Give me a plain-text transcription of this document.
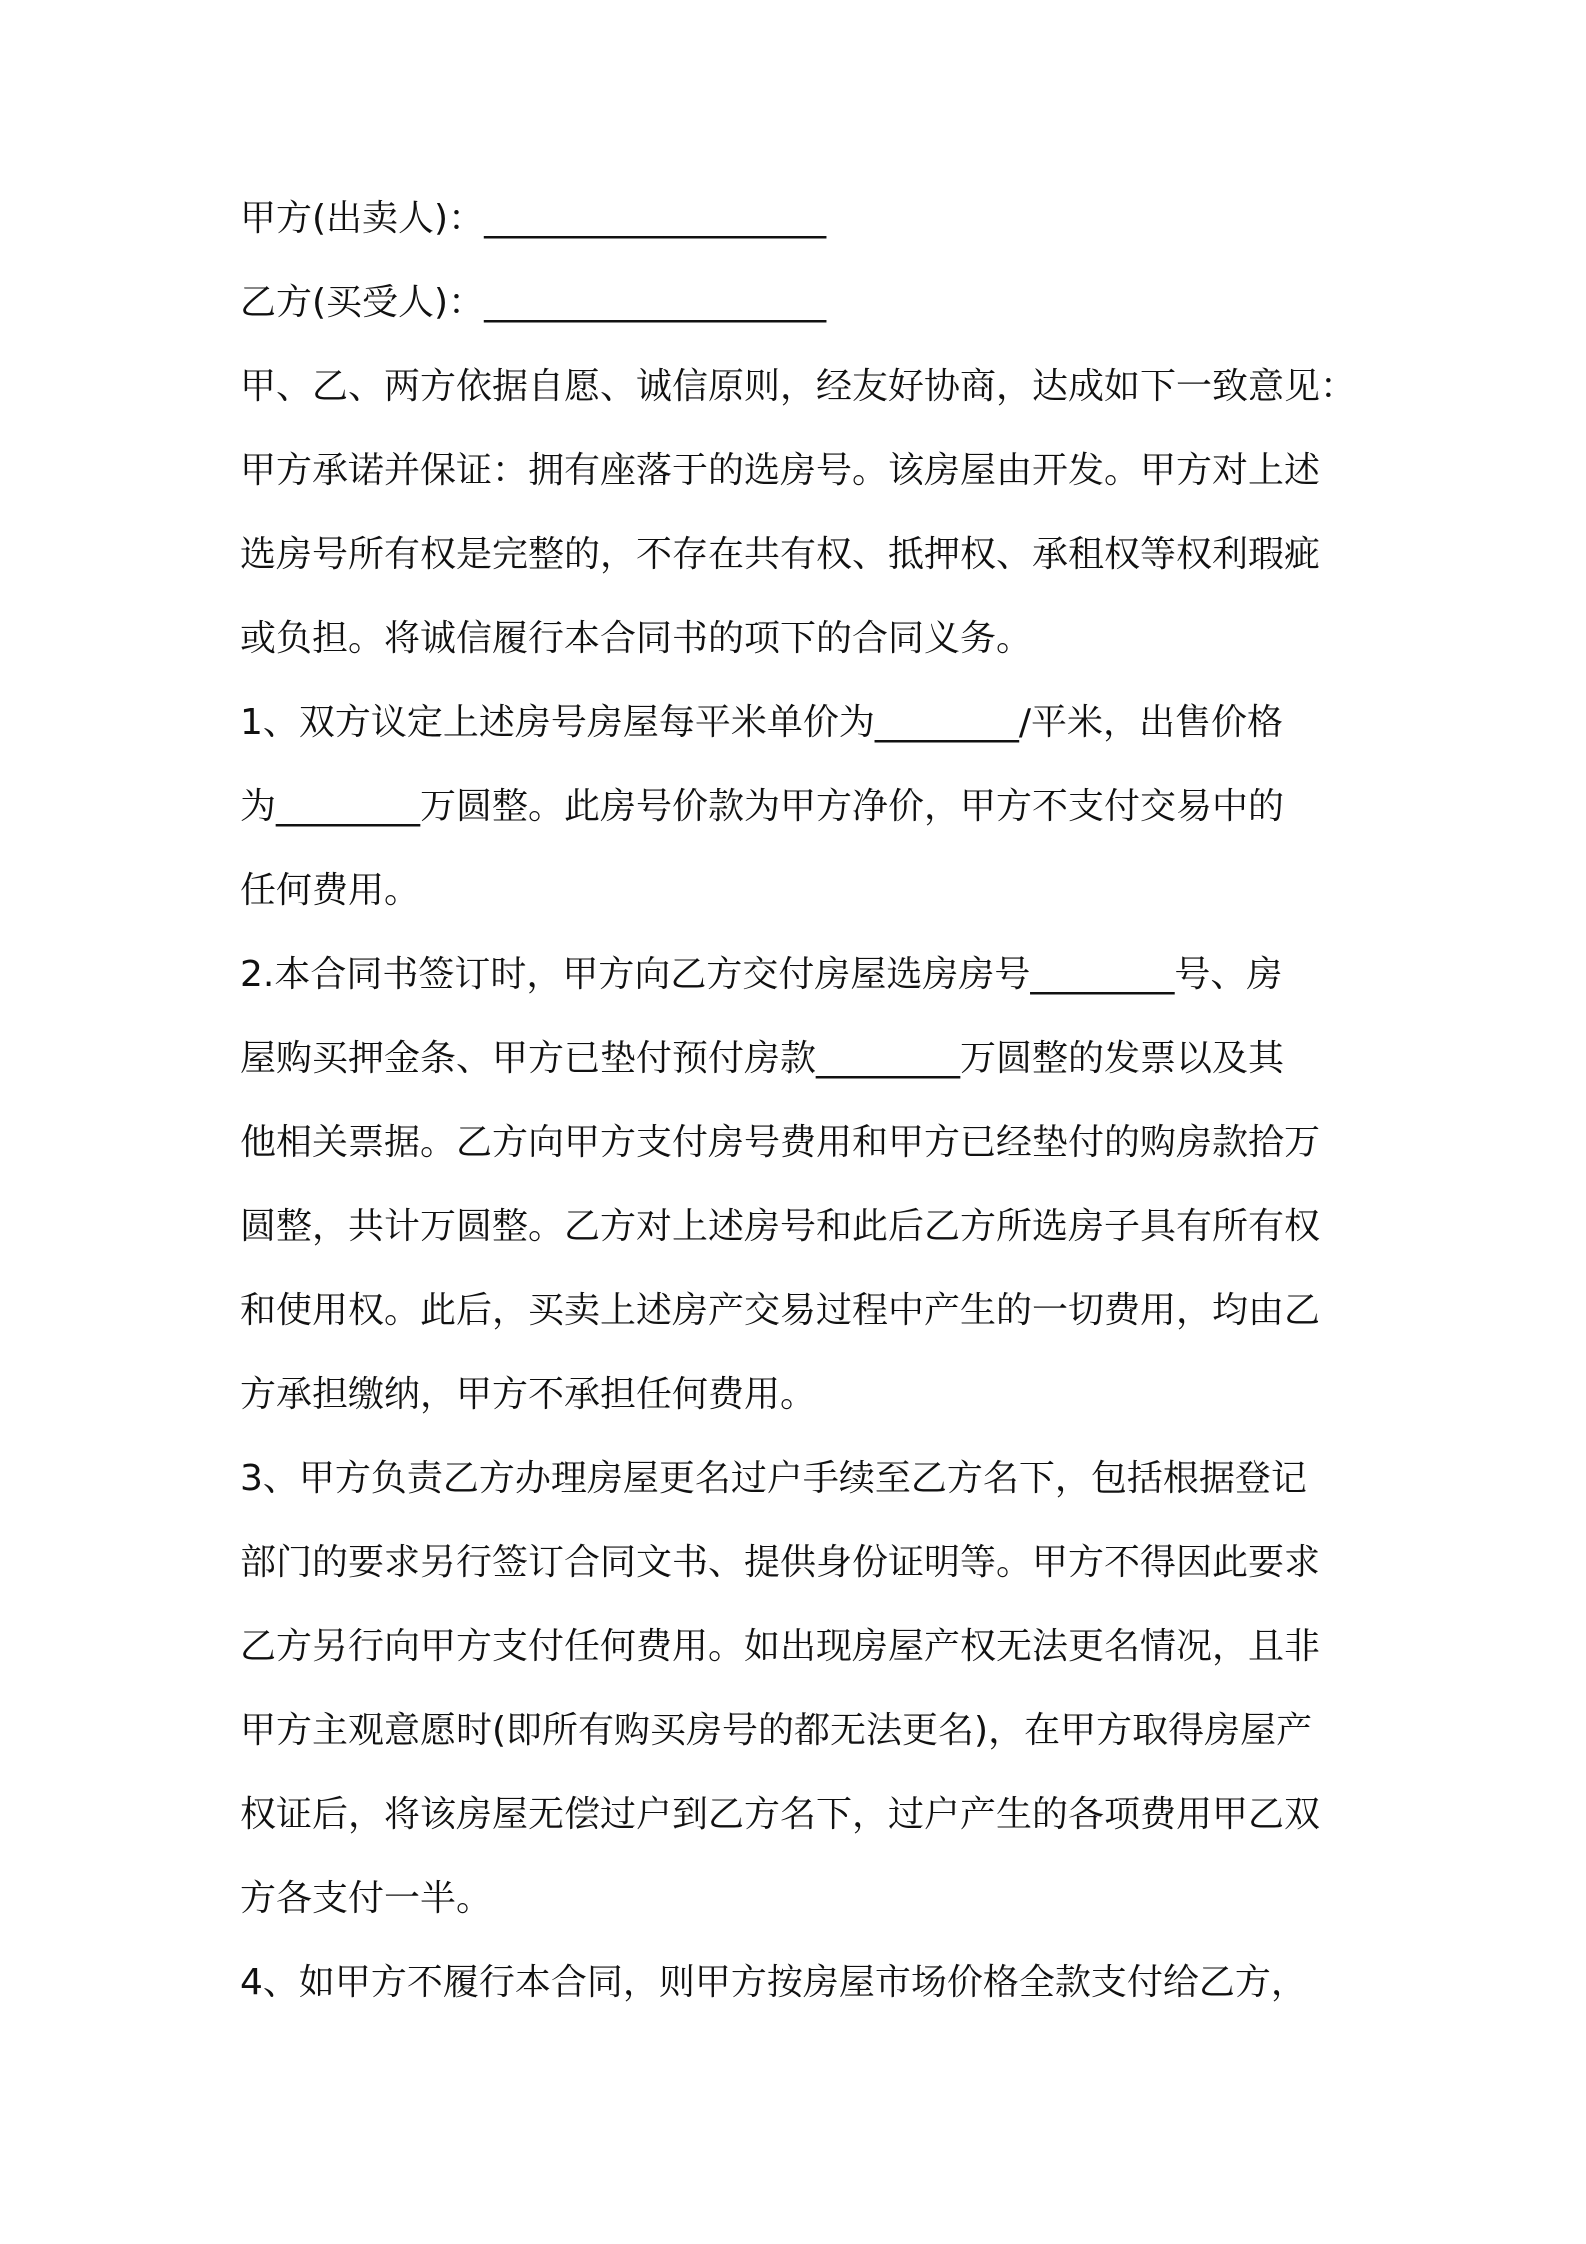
甲方(出卖人)：___________________

乙方(买受人)：___________________

甲、乙、两方依据自愿、诚信原则，经友好协商，达成如下一致意见：

甲方承诺并保证：拥有座落于的选房号。该房屋由开发。甲方对上述

选房号所有权是完整的，不存在共有权、抵押权、承租权等权利瑕疵

或负担。将诚信履行本合同书的项下的合同义务。

1、双方议定上述房号房屋每平米单价为________/平米，出售价格

为________万圆整。此房号价款为甲方净价，甲方不支付交易中的

任何费用。

2.本合同书签订时，甲方向乙方交付房屋选房房号________号、房

屋购买押金条、甲方已垫付预付房款________万圆整的发票以及其

他相关票据。乙方向甲方支付房号费用和甲方已经垫付的购房款拾万

圆整，共计万圆整。乙方对上述房号和此后乙方所选房子具有所有权

和使用权。此后，买卖上述房产交易过程中产生的一切费用，均由乙

方承担缴纳，甲方不承担任何费用。

3、甲方负责乙方办理房屋更名过户手续至乙方名下，包括根据登记

部门的要求另行签订合同文书、提供身份证明等。甲方不得因此要求

乙方另行向甲方支付任何费用。如出现房屋产权无法更名情况，且非

甲方主观意愿时(即所有购买房号的都无法更名)，在甲方取得房屋产

权证后，将该房屋无偿过户到乙方名下，过户产生的各项费用甲乙双

方各支付一半。

4、如甲方不履行本合同，则甲方按房屋市场价格全款支付给乙方，
